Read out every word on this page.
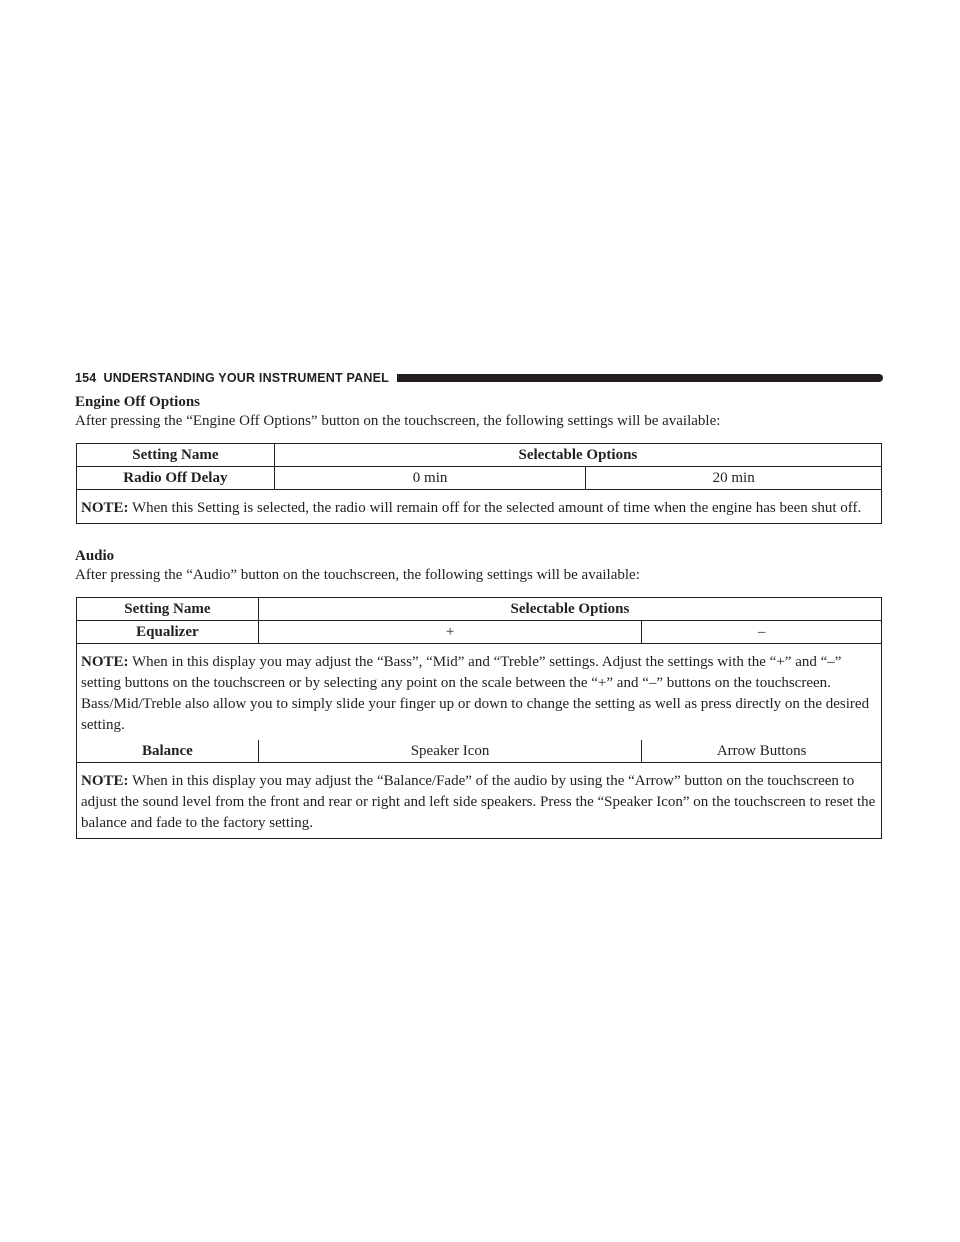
154 UNDERSTANDING YOUR INSTRUMENT PANEL
Engine Off Options
After pressing the “Engine Off Options” button on the touchscreen, the following settings will be available:
Setting Name	Selectable Options	
Radio Off Delay	0 min	20 min
NOTE: When this Setting is selected, the radio will remain off for the selected amount of time when the engine has been shut off.		
Audio
After pressing the “Audio” button on the touchscreen, the following settings will be available:
Setting Name	Selectable Options	
Equalizer	+	–
NOTE: When in this display you may adjust the “Bass”, “Mid” and “Treble” settings. Adjust the settings with the “+” and “–” setting buttons on the touchscreen or by selecting any point on the scale between the “+” and “–” buttons on the touchscreen. Bass/Mid/Treble also allow you to simply slide your finger up or down to change the setting as well as press directly on the desired setting.		
Balance	Speaker Icon	Arrow Buttons
NOTE: When in this display you may adjust the “Balance/Fade” of the audio by using the “Arrow” button on the touchscreen to adjust the sound level from the front and rear or right and left side speakers. Press the “Speaker Icon” on the touchscreen to reset the balance and fade to the factory setting.		
